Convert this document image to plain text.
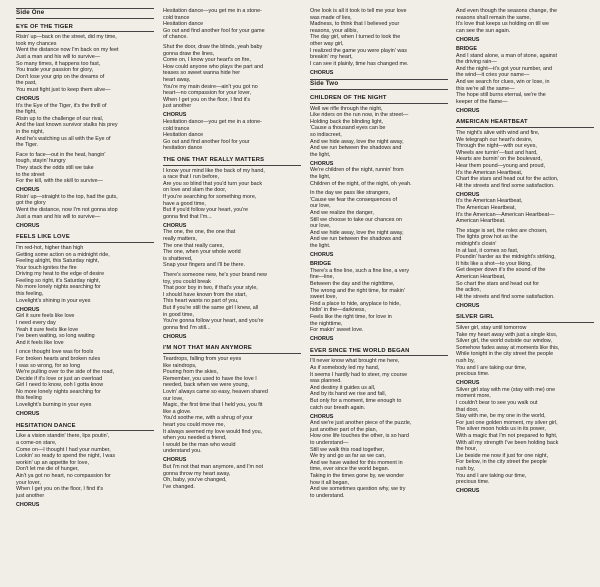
Side One
EYE OF THE TIGER
Risin' up—back on the street, did my time,
took my chances
Went the distance now I'm back on my feet
Just a man and his will to survive—
So many times, it happens too fast,
You trade your passion for glory,
Don't lose your grip on the dreams of
the past,
You must fight just to keep them alive—
CHORUS
It's the Eye of the Tiger, it's the thrill of
the fight,
Risin up to the challenge of our rival,
And the last known survivor stalks his prey
in the night,
And he's watching us all with the Eye of
the Tiger.
Face to face—out in the heat, hangin'
tough, stayin' hungry
They stack the odds still we take
to the street
For the kill, with the skill to survive—
CHORUS
Risin' up—straight to the top, had the guts,
got the glory
Went the distance, now I'm not gonna stop
Just a man and his will to survive—
CHORUS
FEELS LIKE LOVE
I'm red-hot, higher than high
Getting some action on a midnight ride,
Feeling alright, this Saturday night,
Your touch ignites the fire
Driving my heat to the edge of desire
Feeling so right, it's Saturday night,
No more lonely nights searching for
this feeling,
Lovelight's shining in your eyes
CHORUS
Girl it sure feels like love
I need every day
Yeah it sure feels like love
I've been waiting, so long waiting
And it feels like love
I once thought love was for fools
For broken hearts and broken rules
I was so wrong, for so long
We're pulling over to the side of the road,
Decide if it's love or just an overload
Girl I need to know, ooh I gotta know
No more lonely nights searching for
this feeling
Lovelight's burning in your eyes
CHORUS
HESITATION DANCE
Like a vision standin' there, lips poutin',
a come-on stare,
Come on—I thought I had your number,
Lookin' so ready to spend the night, I was
workin' up an appetite for love,
Don't let me die of hunger,
Ain't ya got no heart, no compassion for
your lover,
When I get you on the floor, I find it's
just another
CHORUS
Hesitation dance—you get me in a stone-
cold trance
Hesitation dance
Go out and find another fool for your game
of chance.
Shut the door, draw the blinds, yeah baby
gonna draw the lines,
Come on, I know your heart's on fire,
How could anyone who plays the part and
teases so sweet wanna hide her
heart away,
You're my main desire—ain't you got no
heart—no compassion for your lover,
When I get you on the floor, I find it's
just another
CHORUS
Hesitation dance—you get me in a stone-
cold trance
Hesitation dance
Go out and find another fool for your
hesitation dance
THE ONE THAT REALLY MATTERS
I know your mind like the back of my hand,
a race that I run before,
Are you so blind that you'd turn your back
on love and slam the door,
If you're searching for something more,
have a good time,
But if you'd follow your heart, you're
gonna find that I'm...
CHORUS
The one, the one, the one that
really matters,
The one that really cares,
The one, when your whole world
is shattered,
Snap your fingers and I'll be there.
There's someone new, he's your brand new
toy, you could break
That poor boy in two, if that's your style,
I should have known from the start,
This heart wants no part of you,
But if you're still the same girl I knew, all
in good time,
You're gonna follow your heart, and you're
gonna find I'm still...
CHORUS
I'M NOT THAT MAN ANYMORE
Teardrops, falling from your eyes
like raindrops,
Pouring from the skies,
Remember, you used to have the love I
needed, back when we were young,
Lovin' always came so easy, heaven shared
our love,
Magic, the first time that I held you, you fit
like a glove.
You'd soothe me, with a shrug of your
heart you could move me,
It always seemed my love would find you,
when you needed a friend,
I would be the man who would
understand you.
CHORUS
But I'm not that man anymore, and I'm not
gonna throw my heart away,
Oh, baby, you've changed,
I've changed.
One look is all it took to tell me your love
was made of lies,
Madness, to think that I believed your
reasons, your alibis,
The day girl, when I turned to look the
other way girl,
I realized the game you were playin' was
breakin' my heart,
I can see it plainly, time has changed me.
CHORUS
Side Two
CHILDREN OF THE NIGHT
Well we rifle through the night,
Like riders on the run now, in the street—
Holding back the blinding light,
'Cause a thousand eyes can be
so indiscreet,
And we hide away, love the night away,
And we run between the shadows and
the light,
CHORUS
We're children of the night, runnin' from
the light,
Children of the night, of the night, oh yeah.
In the day we pass like strangers,
'Cause we fear the consequences of
our love,
And we realize the danger,
Still we choose to take our chances on
our love,
And we hide away, love the night away,
And we run between the shadows and
the light.
CHORUS
BRIDGE
There's a fine line, such a fine line, a very
fine—line,
Between the day and the nighttime,
The wrong and the right time, for makin'
sweet love,
Find a place to hide, anyplace to hide,
hidin' in the—darkness,
Feels like the right time, for love in
the nighttime,
For makin' sweet love.
CHORUS
EVER SINCE THE WORLD BEGAN
I'll never know what brought me here,
As if somebody led my hand,
It seems I hardly had to steer, my course
was planned.
And destiny it guides us all,
And by its hand we rise and fall,
But only for a moment, time enough to
catch our breath again.
CHORUS
And we're just another piece of the puzzle,
just another part of the plan,
How one life touches the other, is so hard
to understand—
Still we walk this road together,
We try and go as far as we can,
And we have waited for this moment in
time, ever since the world began.
Taking in the times gone by, we wonder
how it all began,
And we sometimes question why, we try
to understand.
And even though the seasons change, the
reasons shall remain the same,
It's love that keeps us holding on till we
can see the sun again.
CHORUS
BRIDGE
And I stand alone, a man of stone, against
the driving rain—
And the night—it's got your number, and
the wind—it cries your name—
And we search for clues, win or lose, in
this we're all the same—
The hope still burns eternal, we're the
keeper of the flame—
CHORUS
AMERICAN HEARTBEAT
The night's alive with wind and fire,
We telegraph our heart's desire,
Through the night—with our eyes,
Wheels are turnin'—fast and hard,
Hearts are burnin' on the boulevard,
Hear them pound—young and proud,
It's the American Heartbeat,
Chart the stars and head out for the action,
Hit the streets and find some satisfaction.
CHORUS
It's the American Heartbeat,
The American Heartbeat,
It's the American—American Heartbeat—
American Heartbeat.
The stage is set, the roles are chosen,
The lights grow hot as the
midnight's closin'
In at last, it comes so fast,
Poundin' harder as the midnight's striking,
It hits like a shot—to your liking,
Get deeper down it's the sound of the
American Heartbeat,
So chart the stars and head out for
the action,
Hit the streets and find some satisfaction.
CHORUS
SILVER GIRL
Silver girl, stay until tomorrow
Take my heart away with just a single kiss,
Silver girl, the world outside our window,
Somehow fades away at moments like this,
While tonight in the city street the people
rush by,
You and I are taking our time,
precious time.
CHORUS
Silver girl stay with me (stay with me) one
moment more,
I couldn't bear to see you walk out
that door,
Stay with me, be my one in the world,
For just one golden moment, my silver girl,
The silver moon holds us in its power,
With a magic that I'm not prepared to fight,
With all my strength I've been holding back
the hour,
Lie beside me now if just for one night,
For below, in the city street the people
rush by,
You and I are taking our time,
precious time.
CHORUS
